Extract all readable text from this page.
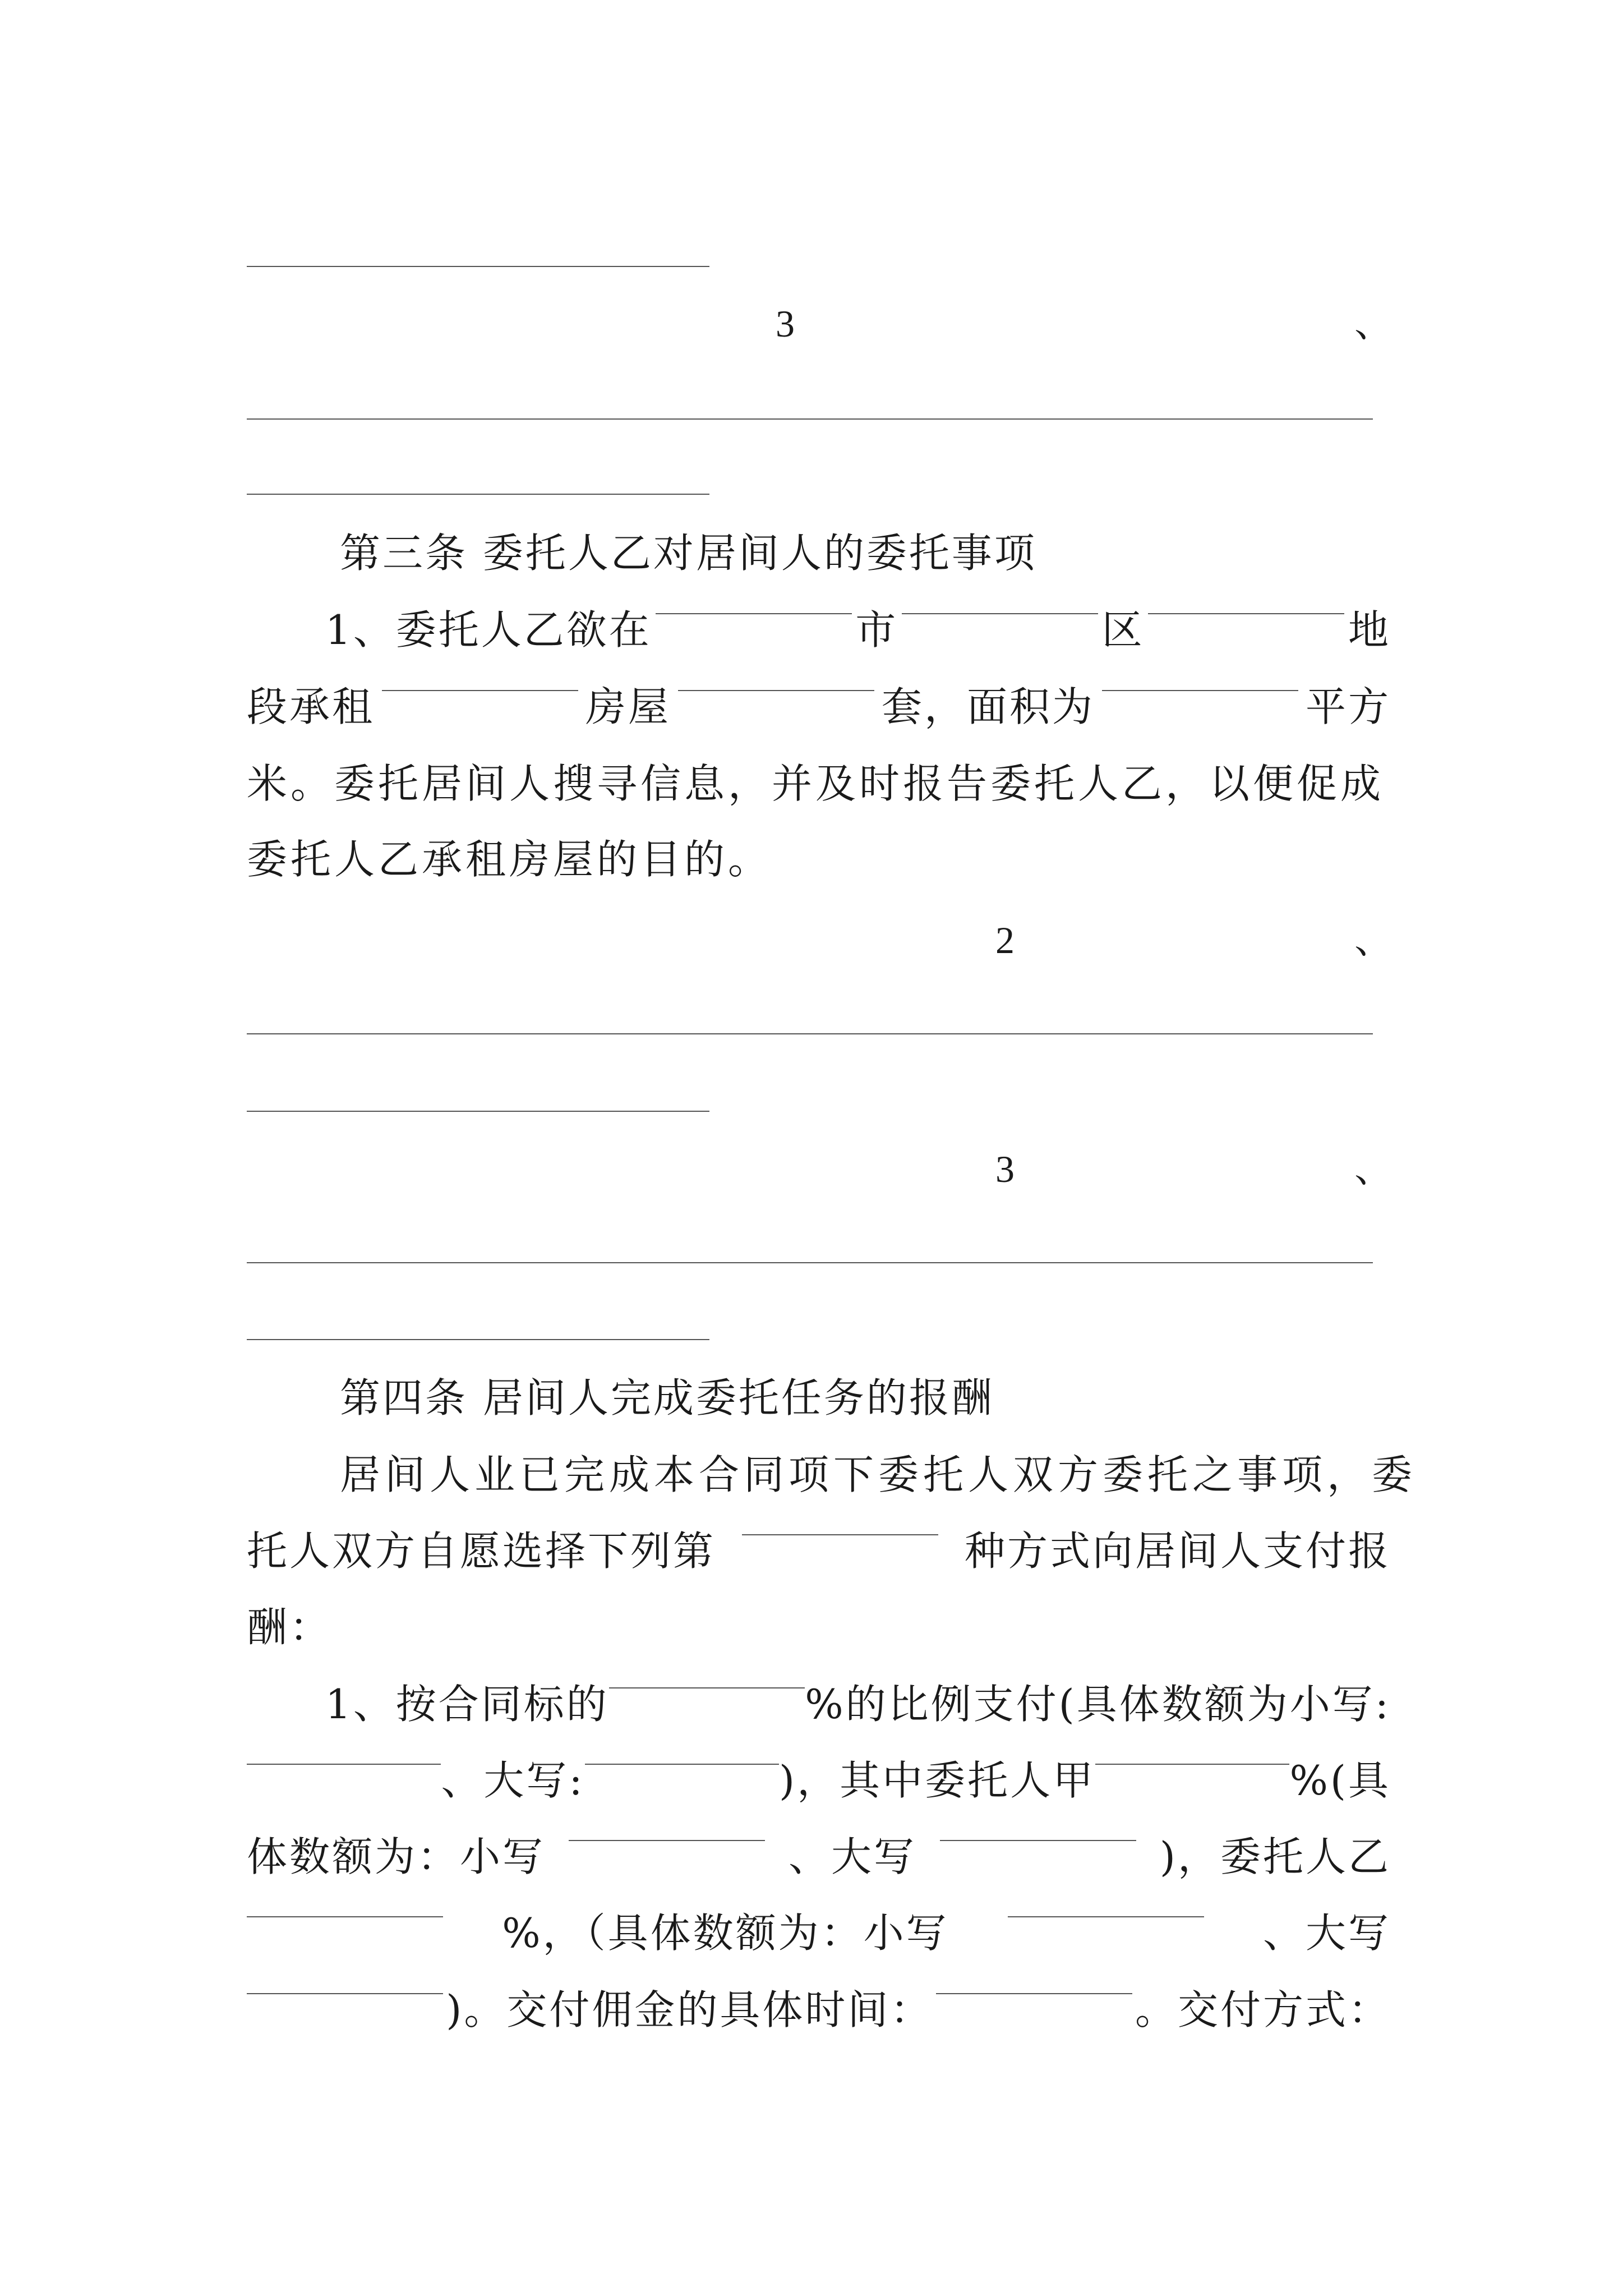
3	、
第三条 委托人乙对居间人的委托事项
1、委托人乙欲在	市	区	地
段承租	房屋	套，面积为	平方
米。委托居间人搜寻信息，并及时报告委托人乙，以便促成
委托人乙承租房屋的目的。
2	、
3	、
第四条 居间人完成委托任务的报酬
居间人业已完成本合同项下委托人双方委托之事项，委
托人双方自愿选择下列第	种方式向居间人支付报
酬：
1、按合同标的	%的比例支付(具体数额为小写:
、大写:	)，其中委托人甲	%(具
体数额为：小写	、大写	)，委托人乙
%，（具体数额为：小写	、大写
)。交付佣金的具体时间：	。交付方式：
